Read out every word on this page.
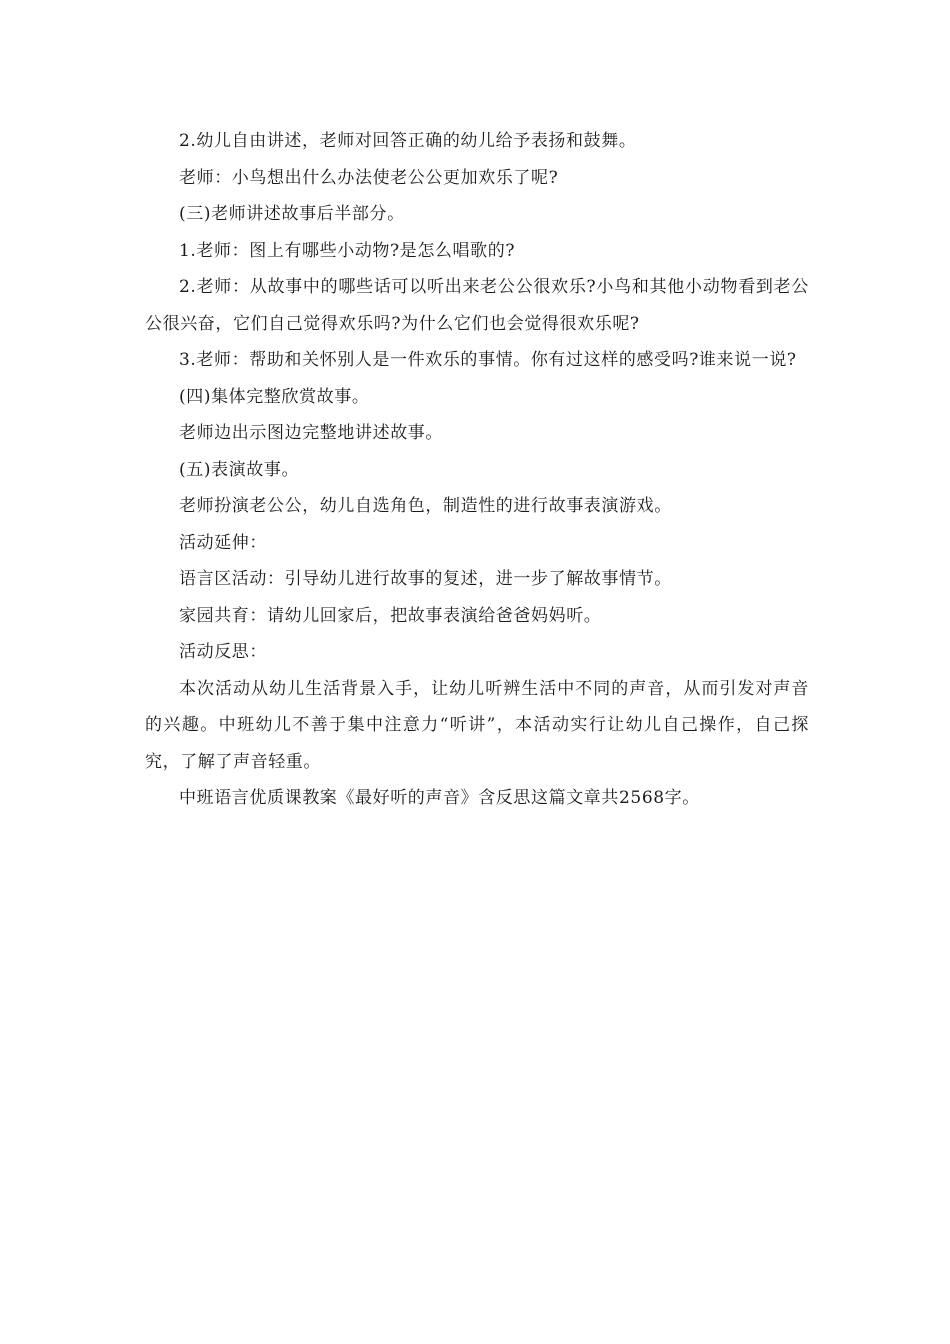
2.幼儿自由讲述，老师对回答正确的幼儿给予表扬和鼓舞。

老师：小鸟想出什么办法使老公公更加欢乐了呢?

(三)老师讲述故事后半部分。

1.老师：图上有哪些小动物?是怎么唱歌的?

2.老师：从故事中的哪些话可以听出来老公公很欢乐?小鸟和其他小动物看到老公公很兴奋，它们自己觉得欢乐吗?为什么它们也会觉得很欢乐呢?

3.老师：帮助和关怀别人是一件欢乐的事情。你有过这样的感受吗?谁来说一说?

(四)集体完整欣赏故事。

老师边出示图边完整地讲述故事。

(五)表演故事。

老师扮演老公公，幼儿自选角色，制造性的进行故事表演游戏。

活动延伸：

语言区活动：引导幼儿进行故事的复述，进一步了解故事情节。

家园共育：请幼儿回家后，把故事表演给爸爸妈妈听。

活动反思：

本次活动从幼儿生活背景入手，让幼儿听辨生活中不同的声音，从而引发对声音的兴趣。中班幼儿不善于集中注意力“听讲”，本活动实行让幼儿自己操作，自己探究，了解了声音轻重。

中班语言优质课教案《最好听的声音》含反思这篇文章共2568字。
